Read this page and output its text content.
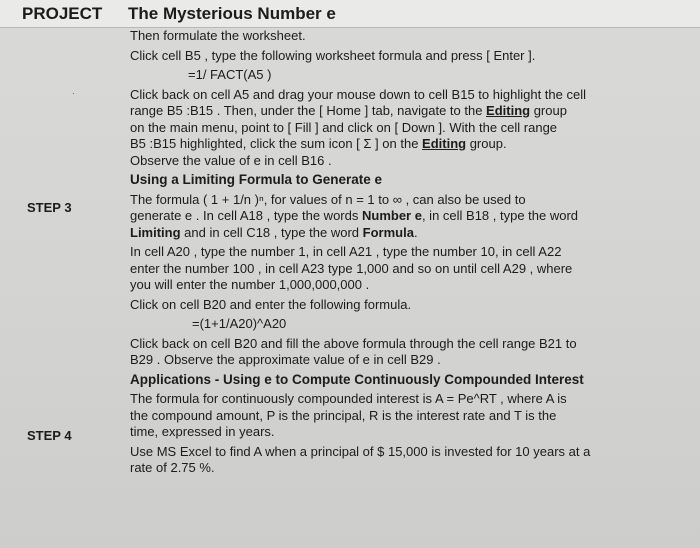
PROJECT The Mysterious Number e
·
STEP 3
STEP 4

Then formulate the worksheet.

Click cell B5 , type the following worksheet formula and press [ Enter ].

=1/ FACT(A5 )

Click back on cell A5 and drag your mouse down to cell B15 to highlight the cell

range B5 :B15 . Then, under the [ Home ] tab, navigate to the Editing group

on the main menu, point to [ Fill ] and click on [ Down ]. With the cell range

B5 :B15 highlighted, click the sum icon [ Σ ] on the Editing group.

Observe the value of e in cell B16 .

Using a Limiting Formula to Generate e

The formula ( 1 + 1/n )ⁿ, for values of n = 1 to ∞ , can also be used to

generate e . In cell A18 , type the words Number e, in cell B18 , type the word

Limiting and in cell C18 , type the word Formula.

In cell A20 , type the number 1, in cell A21 , type the number 10, in cell A22

enter the number 100 , in cell A23 type 1,000 and so on until cell A29 , where

you will enter the number 1,000,000,000 .

Click on cell B20 and enter the following formula.

=(1+1/A20)^A20

Click back on cell B20 and fill the above formula through the cell range B21 to

B29 . Observe the approximate value of e in cell B29 .

Applications - Using e to Compute Continuously Compounded Interest

The formula for continuously compounded interest is A = Pe^RT , where A is

the compound amount, P is the principal, R is the interest rate and T is the

time, expressed in years.

Use MS Excel to find A when a principal of $ 15,000 is invested for 10 years at a

rate of 2.75 %.
